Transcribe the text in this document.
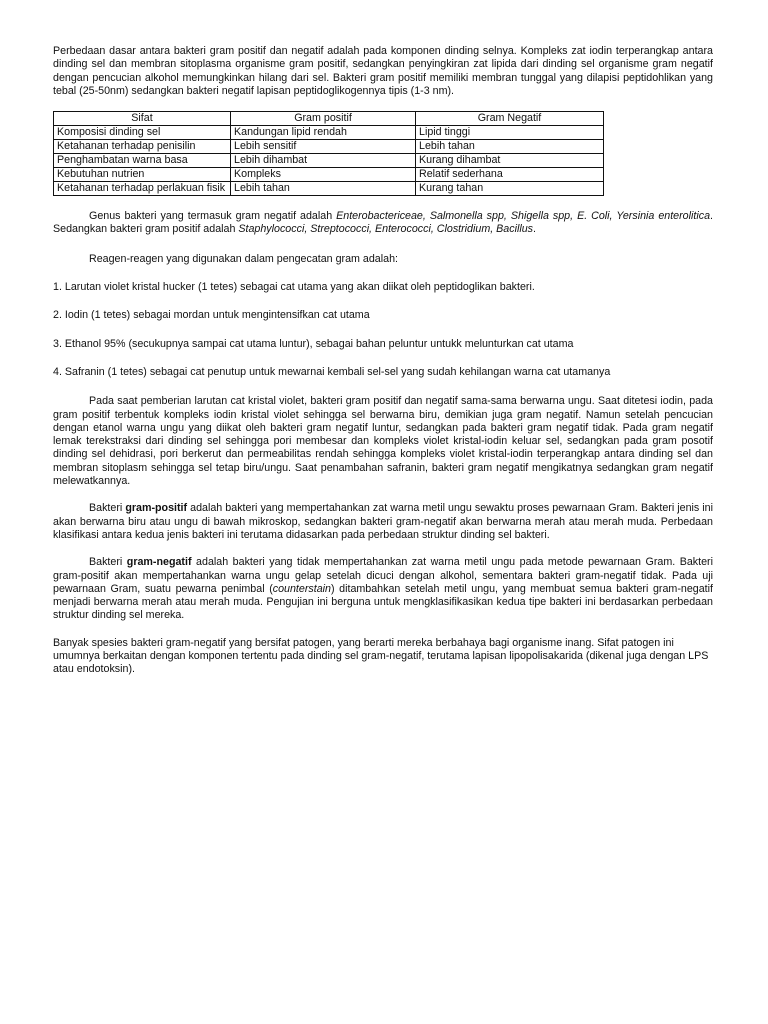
Perbedaan dasar antara bakteri gram positif dan negatif adalah pada komponen dinding selnya. Kompleks zat iodin terperangkap antara dinding sel dan membran sitoplasma organisme gram positif, sedangkan penyingkiran zat lipida dari dinding sel organisme gram negatif dengan pencucian alkohol memungkinkan hilang dari sel. Bakteri gram positif memiliki membran tunggal yang dilapisi peptidohlikan yang tebal (25-50nm) sedangkan bakteri negatif lapisan peptidoglikogennya tipis (1-3 nm).

Sifat	Gram positif	Gram Negatif
Komposisi dinding sel	Kandungan lipid rendah	Lipid tinggi
Ketahanan terhadap penisilin	Lebih sensitif	Lebih tahan
Penghambatan warna basa	Lebih dihambat	Kurang dihambat
Kebutuhan nutrien	Kompleks	Relatif sederhana
Ketahanan terhadap perlakuan fisik	Lebih tahan	Kurang tahan

Genus bakteri yang termasuk gram negatif adalah Enterobactericeae, Salmonella spp, Shigella spp, E. Coli, Yersinia enterolitica. Sedangkan bakteri gram positif adalah Staphylococci, Streptococci, Enterococci, Clostridium, Bacillus.

Reagen-reagen yang digunakan dalam pengecatan gram adalah:

1. Larutan violet kristal hucker (1 tetes) sebagai cat utama yang akan diikat oleh peptidoglikan bakteri.

2. Iodin (1 tetes) sebagai mordan untuk mengintensifkan cat utama

3. Ethanol 95% (secukupnya sampai cat utama luntur), sebagai bahan peluntur untukk melunturkan cat utama

4. Safranin (1 tetes) sebagai cat penutup untuk mewarnai kembali sel-sel yang sudah kehilangan warna cat utamanya

Pada saat pemberian larutan cat kristal violet, bakteri gram positif dan negatif sama-sama berwarna ungu. Saat ditetesi iodin, pada gram positif terbentuk kompleks iodin kristal violet sehingga sel berwarna biru, demikian juga gram negatif. Namun setelah pencucian dengan etanol warna ungu yang diikat oleh bakteri gram negatif luntur, sedangkan pada bakteri gram negatif tidak. Pada gram negatif lemak terekstraksi dari dinding sel sehingga pori membesar dan kompleks violet kristal-iodin keluar sel, sedangkan pada gram posotif dinding sel dehidrasi, pori berkerut dan permeabilitas rendah sehingga kompleks violet kristal-iodin terperangkap antara dinding sel dan membran sitoplasm sehingga sel tetap biru/ungu. Saat penambahan safranin, bakteri gram negatif mengikatnya sedangkan gram negatif melewatkannya.

Bakteri gram-positif adalah bakteri yang mempertahankan zat warna metil ungu sewaktu proses pewarnaan Gram. Bakteri jenis ini akan berwarna biru atau ungu di bawah mikroskop, sedangkan bakteri gram-negatif akan berwarna merah atau merah muda. Perbedaan klasifikasi antara kedua jenis bakteri ini terutama didasarkan pada perbedaan struktur dinding sel bakteri.

Bakteri gram-negatif adalah bakteri yang tidak mempertahankan zat warna metil ungu pada metode pewarnaan Gram. Bakteri gram-positif akan mempertahankan warna ungu gelap setelah dicuci dengan alkohol, sementara bakteri gram-negatif tidak. Pada uji pewarnaan Gram, suatu pewarna penimbal (counterstain) ditambahkan setelah metil ungu, yang membuat semua bakteri gram-negatif menjadi berwarna merah atau merah muda. Pengujian ini berguna untuk mengklasifikasikan kedua tipe bakteri ini berdasarkan perbedaan struktur dinding sel mereka.

Banyak spesies bakteri gram-negatif yang bersifat patogen, yang berarti mereka berbahaya bagi organisme inang. Sifat patogen ini umumnya berkaitan dengan komponen tertentu pada dinding sel gram-negatif, terutama lapisan lipopolisakarida (dikenal juga dengan LPS atau endotoksin).
